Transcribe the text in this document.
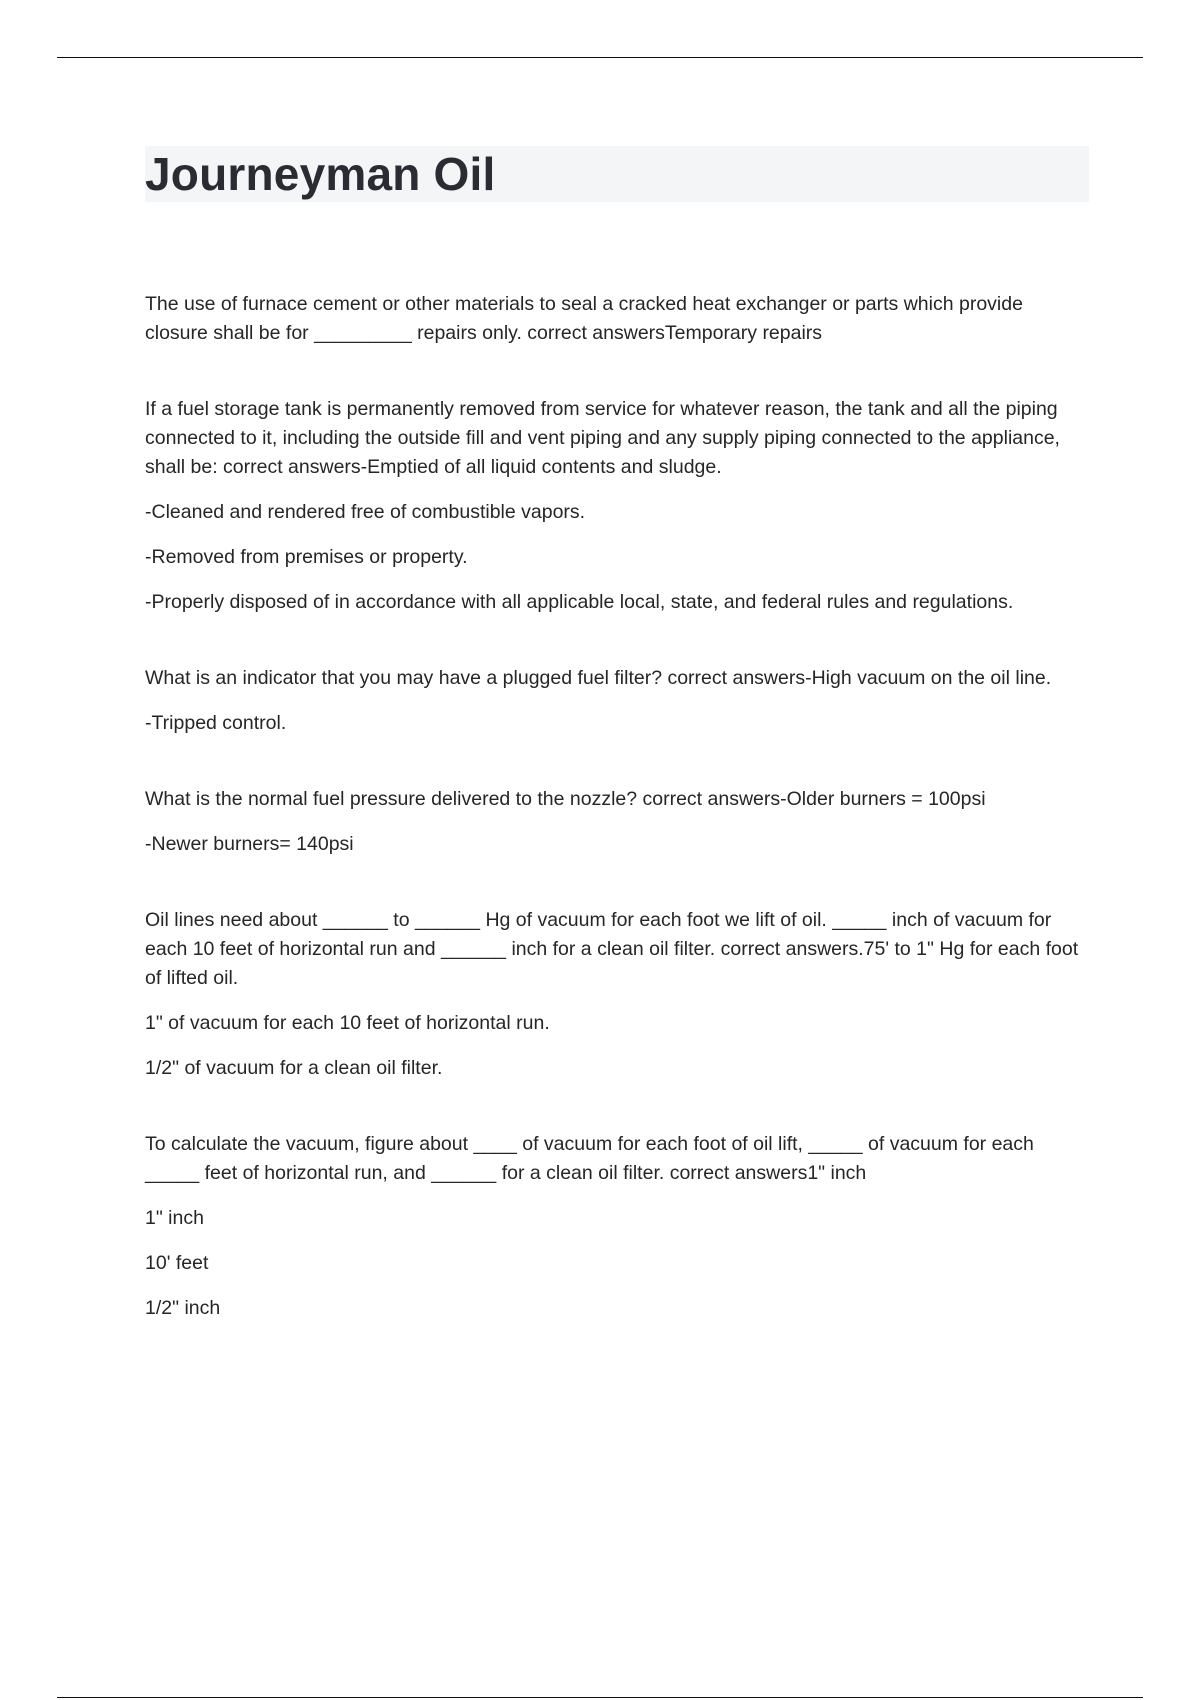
Journeyman Oil

The use of furnace cement or other materials to seal a cracked heat exchanger or parts which provide closure shall be for _________ repairs only. correct answersTemporary repairs

If a fuel storage tank is permanently removed from service for whatever reason, the tank and all the piping connected to it, including the outside fill and vent piping and any supply piping connected to the appliance, shall be: correct answers-Emptied of all liquid contents and sludge.

-Cleaned and rendered free of combustible vapors.

-Removed from premises or property.

-Properly disposed of in accordance with all applicable local, state, and federal rules and regulations.

What is an indicator that you may have a plugged fuel filter? correct answers-High vacuum on the oil line.

-Tripped control.

What is the normal fuel pressure delivered to the nozzle? correct answers-Older burners = 100psi

-Newer burners= 140psi

Oil lines need about ______ to ______ Hg of vacuum for each foot we lift of oil. _____ inch of vacuum for each 10 feet of horizontal run and ______ inch for a clean oil filter. correct answers.75' to 1" Hg for each foot of lifted oil.

1" of vacuum for each 10 feet of horizontal run.

1/2" of vacuum for a clean oil filter.

To calculate the vacuum, figure about ____ of vacuum for each foot of oil lift, _____ of vacuum for each _____ feet of horizontal run, and ______ for a clean oil filter. correct answers1" inch

1" inch

10' feet

1/2" inch
